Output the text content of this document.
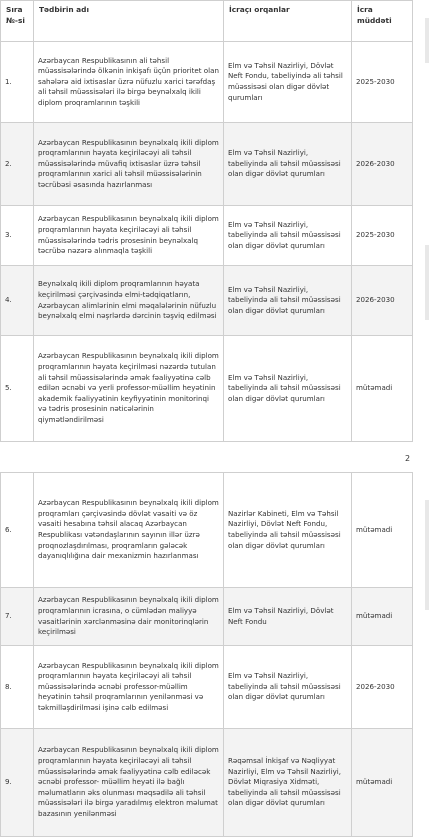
Sıra №-si	Tədbirin adı	İcraçı orqanlar	İcra müddəti
1.	Azərbaycan Respublikasının ali təhsil müəssisələrində ölkənin inkişafı üçün prioritet olan sahələrə aid ixtisaslar üzrə nüfuzlu xarici tərəfdaş ali təhsil müəssisələri ilə birgə beynəlxalq ikili diplom proqramlarının təşkili	Elm və Təhsil Nazirliyi, Dövlət Neft Fondu, tabeliyində ali təhsil müəssisəsi olan digər dövlət qurumları	2025-2030
2.	Azərbaycan Respublikasının beynəlxalq ikili diplom proqramlarının həyata keçiriləcəyi ali təhsil müəssisələrində müvafiq ixtisaslar üzrə təhsil proqramlarının xarici ali təhsil müəssisələrinin təcrübəsi əsasında hazırlanması	Elm və Təhsil Nazirliyi, tabeliyində ali təhsil müəssisəsi olan digər dövlət qurumları	2026-2030
3.	Azərbaycan Respublikasının beynəlxalq ikili diplom proqramlarının həyata keçiriləcəyi ali təhsil müəssisələrində tədris prosesinin beynəlxalq təcrübə nəzərə alınmaqla təşkili	Elm və Təhsil Nazirliyi, tabeliyində ali təhsil müəssisəsi olan digər dövlət qurumları	2025-2030
4.	Beynəlxalq ikili diplom proqramlarının həyata keçirilməsi çərçivəsində elmi-tədqiqatların, Azərbaycan alimlərinin elmi məqalələrinin nüfuzlu beynəlxalq elmi nəşrlərdə dərcinin təşviq edilməsi	Elm və Təhsil Nazirliyi, tabeliyində ali təhsil müəssisəsi olan digər dövlət qurumları	2026-2030
5.	Azərbaycan Respublikasının beynəlxalq ikili diplom proqramlarının həyata keçirilməsi nəzərdə tutulan ali təhsil müəssisələrində əmək fəaliyyətinə cəlb edilən əcnəbi və yerli professor-müəllim heyətinin akademik fəaliyyətinin keyfiyyətinin monitorinqi və tədris prosesinin nəticələrinin qiymətləndirilməsi	Elm və Təhsil Nazirliyi, tabeliyində ali təhsil müəssisəsi olan digər dövlət qurumları	mütəmadi
2
6.	Azərbaycan Respublikasının beynəlxalq ikili diplom proqramları çərçivəsində dövlət vəsaiti və öz vəsaiti hesabına təhsil alacaq Azərbaycan Respublikası vətəndaşlarının sayının illər üzrə proqnozlaşdırılması, proqramların gələcək dayanıqlılığına dair mexanizmin hazırlanması	Nazirlər Kabineti, Elm və Təhsil Nazirliyi, Dövlət Neft Fondu, tabeliyində ali təhsil müəssisəsi olan digər dövlət qurumları	mütəmadi
7.	Azərbaycan Respublikasının beynəlxalq ikili diplom proqramlarının icrasına, o cümlədən maliyyə vəsaitlərinin xərclənməsinə dair monitorinqlərin keçirilməsi	Elm və Təhsil Nazirliyi, Dövlət Neft Fondu	mütəmadi
8.	Azərbaycan Respublikasının beynəlxalq ikili diplom proqramlarının həyata keçiriləcəyi ali təhsil müəssisələrində əcnəbi professor-müəllim heyətinin təhsil proqramlarının yenilənməsi və təkmilləşdirilməsi işinə cəlb edilməsi	Elm və Təhsil Nazirliyi, tabeliyində ali təhsil müəssisəsi olan digər dövlət qurumları	2026-2030
9.	Azərbaycan Respublikasının beynəlxalq ikili diplom proqramlarının həyata keçiriləcəyi ali təhsil müəssisələrində əmək fəaliyyətinə cəlb ediləcək əcnəbi professor- müəllim heyəti ilə bağlı məlumatların əks olunması məqsədilə ali təhsil müəssisələri ilə birgə yaradılmış elektron məlumat bazasının yenilənməsi	Rəqəmsal İnkişaf və Nəqliyyat Nazirliyi, Elm və Təhsil Nazirliyi, Dövlət Miqrasiya Xidməti, tabeliyində ali təhsil müəssisəsi olan digər dövlət qurumları	mütəmadi
